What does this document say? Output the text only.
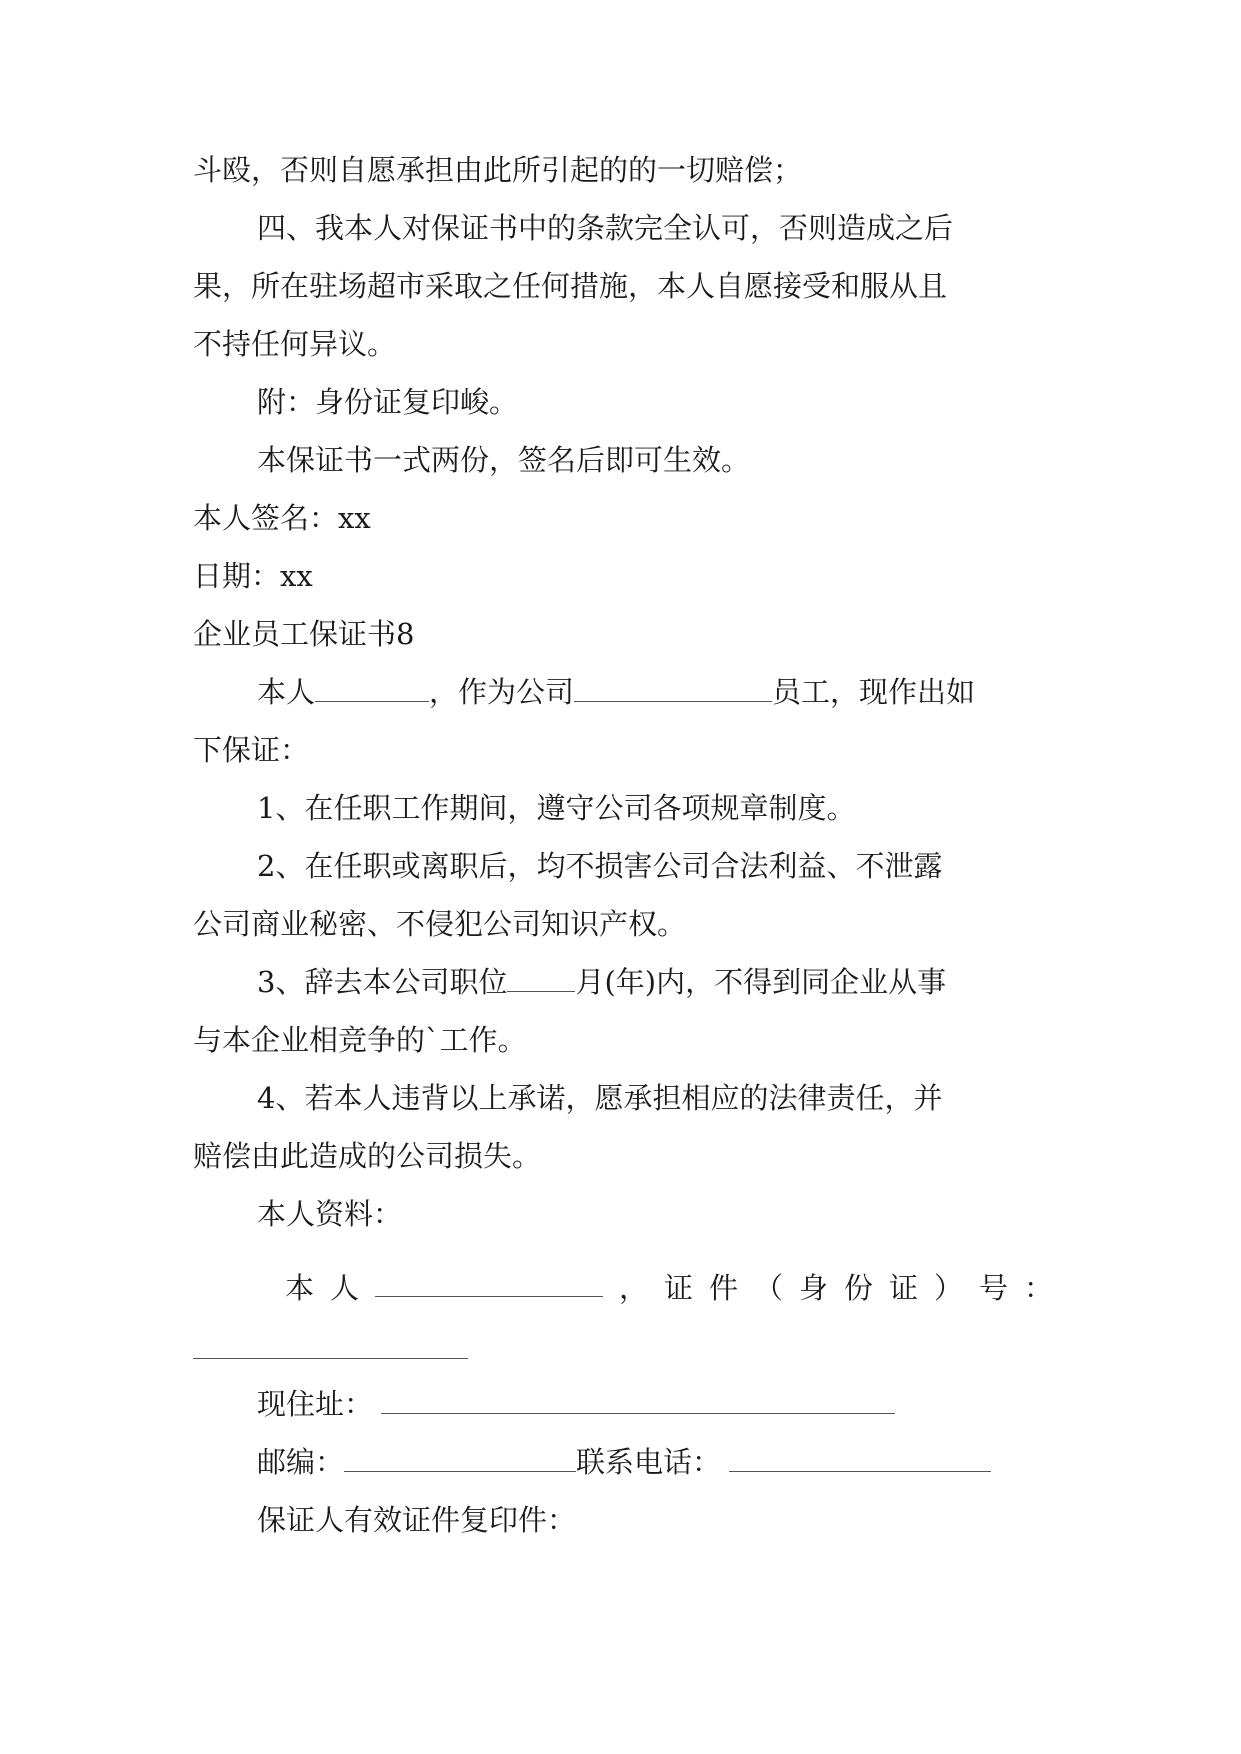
斗殴，否则自愿承担由此所引起的的一切赔偿；
四、我本人对保证书中的条款完全认可，否则造成之后
果，所在驻场超市采取之任何措施，本人自愿接受和服从且
不持任何异议。
附：身份证复印峻。
本保证书一式两份，签名后即可生效。
本人签名：xx
日期：xx
企业员工保证书8
本人	，作为公司	员工，现作出如
下保证：
1、在任职工作期间，遵守公司各项规章制度。
2、在任职或离职后，均不损害公司合法利益、不泄露
公司商业秘密、不侵犯公司知识产权。
3、辞去本公司职位 月(年)内，不得到同企业从事
与本企业相竞争的`工作。
4、若本人违背以上承诺，愿承担相应的法律责任，并
赔偿由此造成的公司损失。
本人资料：
本 人	， 证 件 （ 身 份 证 ） 号 ：
现住址：
邮编：	联系电话：
保证人有效证件复印件：
